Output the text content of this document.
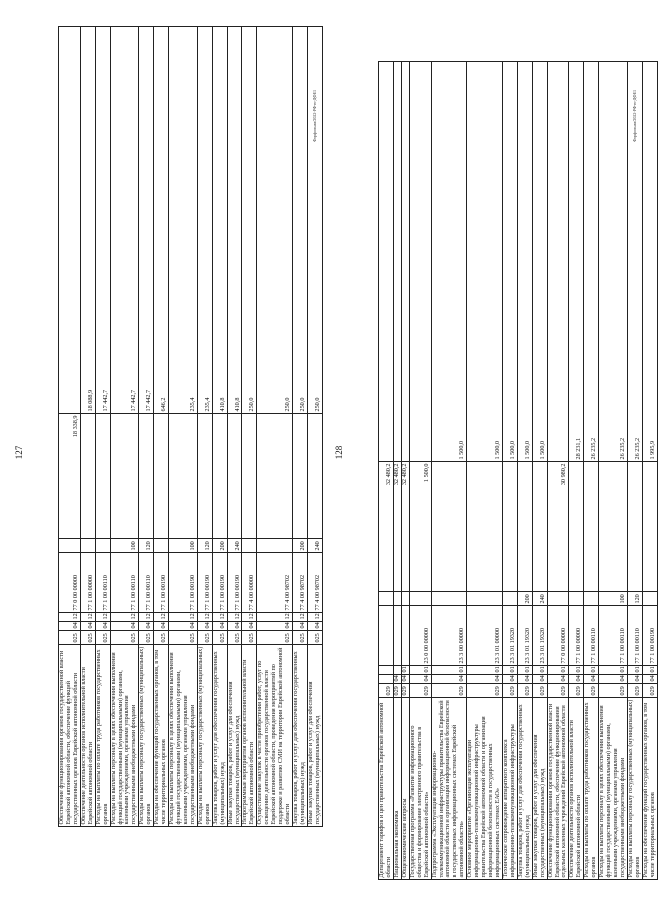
127
Обеспечение функционирования органов государственной власти Еврейской автономной области, обеспечение функций государственных органов Еврейской автономной области	025	04	12	77 0 00 00000		18 338,9	
Обеспечение деятельности органов исполнительной власти Еврейской автономной области	025	04	12	77 1 00 00000			18 088,9
Расходы на выплаты по оплате труда работников государственных органов	025	04	12	77 1 00 00110			17 442,7
Расходы на выплаты персоналу в целях обеспечения выполнения функций государственными (муниципальными) органами, казенными учреждениями, органами управления государственными внебюджетными фондами	025	04	12	77 1 00 00110	100		17 442,7
Расходы на выплаты персоналу государственных (муниципальных) органов	025	04	12	77 1 00 00110	120		17 442,7
Расходы на обеспечение функций государственных органов, в том числе территориальных органов	025	04	12	77 1 00 00190			646,2
Расходы на выплаты персоналу в целях обеспечения выполнения функций государственными (муниципальными) органами, казенными учреждениями, органами управления государственными внебюджетными фондами	025	04	12	77 1 00 00190	100		235,4
Расходы на выплаты персоналу государственных (муниципальных) органов	025	04	12	77 1 00 00190	120		235,4
Закупка товаров, работ и услуг для обеспечения государственных (муниципальных) нужд	025	04	12	77 1 00 00190	200		410,8
Иные закупки товаров, работ и услуг для обеспечения государственных (муниципальных) нужд	025	04	12	77 1 00 00190	240		410,8
Непрограммные мероприятия органов исполнительной власти Еврейской автономной области	025	04	12	77 4 00 00000			250,0
Осуществление закупок в части приобретения работ, услуг по освещению деятельности органов государственной власти Еврейской автономной области, проведения мероприятий по поддержке и развитию СМИ на территории Еврейской автономной области	025	04	12	77 4 00 98702			250,0
Закупка товаров, работ и услуг для обеспечения государственных (муниципальных) нужд	025	04	12	77 4 00 98702	200		250,0
Иные закупки товаров, работ и услуг для обеспечения государственных (муниципальных) нужд	025	04	12	77 4 00 98702	240		250,0
Форфопьии/2022-РФ-ю-ДФЕ1
128
Департамент тарифов и цен правительства Еврейской автономной области	029					32 480,2	
Национальная экономика	029	04				32 480,2	
Общеэкономические вопросы	029	04	01			32 480,2	
Государственная программа «Развитие информационного общества и формирование электронного правительства в Еврейской автономной области»	029	04	01	23 0 00 00000		1 500,0	
Подпрограмма «Эксплуатация информационно-телекоммуникационной инфраструктуры правительства Еврейской автономной области и организация информационной безопасности в государственных информационных системах Еврейской автономной области»	029	04	01	23 3 00 00000			1 500,0
Основное мероприятие «Организация эксплуатации информационно-телекоммуникационной инфраструктуры правительства Еврейской автономной области и организация информационной безопасности в государственных информационных системах ЕАО»	029	04	01	23 3 01 00000			1 500,0
Техническое сопровождение аппаратного комплекса информационно-телекоммуникационной инфраструктуры	029	04	01	23 3 01 19320			1 500,0
Закупка товаров, работ и услуг для обеспечения государственных (муниципальных) нужд	029	04	01	23 3 01 19320	200		1 500,0
Иные закупки товаров, работ и услуг для обеспечения государственных (муниципальных) нужд	029	04	01	23 3 01 19320	240		1 500,0
Обеспечение функционирования органов государственной власти Еврейской автономной области, обеспечение функционирования отдельных казенных учреждений Еврейской автономной области	029	04	01	77 0 00 00000		30 980,2	
Обеспечение деятельности органов исполнительной власти Еврейской автономной области	029	04	01	77 1 00 00000			28 231,1
Расходы на выплаты по оплате труда работников государственных органов	029	04	01	77 1 00 00110			26 235,2
Расходы на выплаты персоналу в целях обеспечения выполнения функций государственными (муниципальными) органами, казенными учреждениями, органами управления государственными внебюджетными фондами	029	04	01	77 1 00 00110	100		26 235,2
Расходы на выплаты персоналу государственных (муниципальных) органов	029	04	01	77 1 00 00110	120		26 235,2
Расходы на обеспечение функций государственных органов, в том числе территориальных органов	029	04	01	77 1 00 00190			1 995,9
Форфопьии/2022-РФ-ю-ДФЕ1
